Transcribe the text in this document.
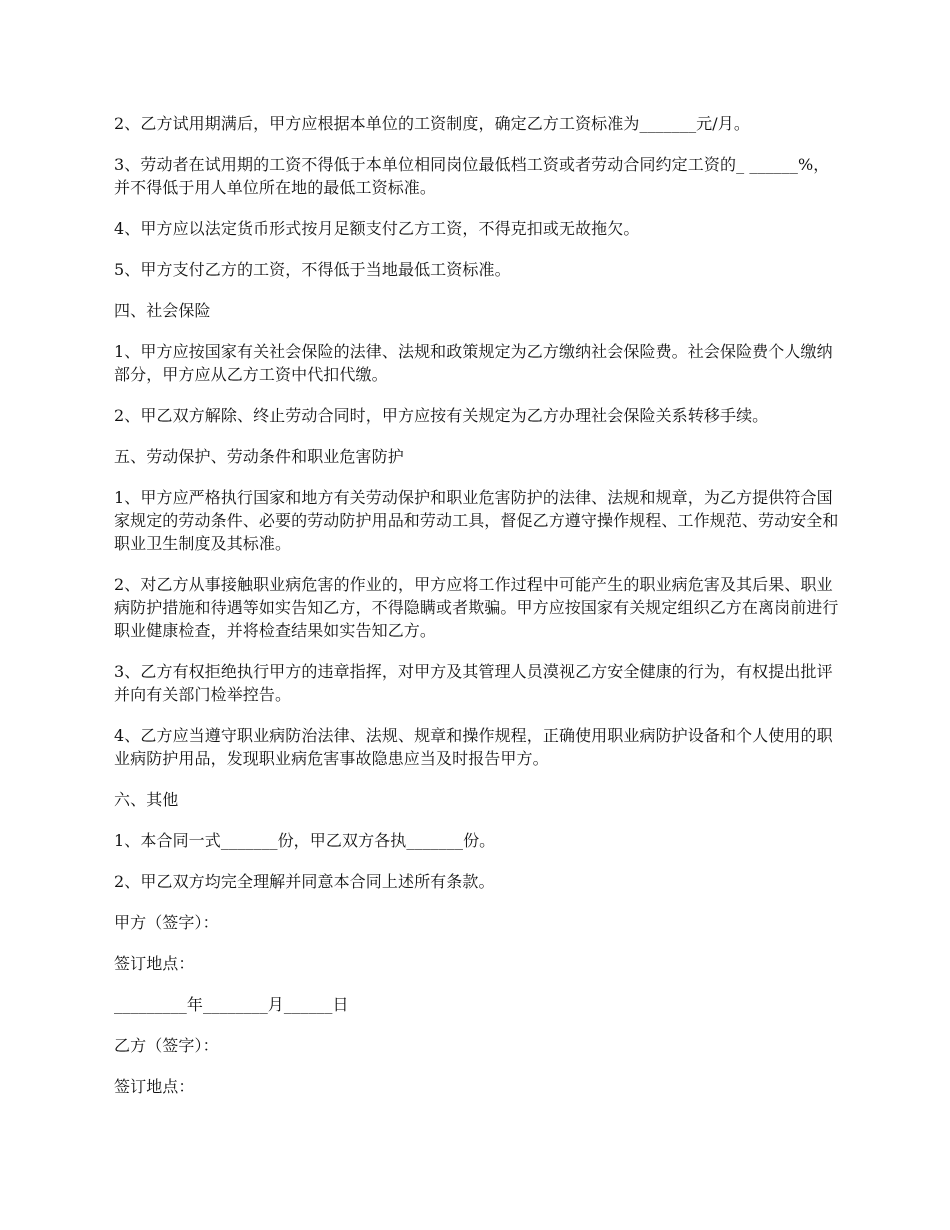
2、乙方试用期满后，甲方应根据本单位的工资制度，确定乙方工资标准为_______元/月。

3、劳动者在试用期的工资不得低于本单位相同岗位最低档工资或者劳动合同约定工资的_ ______%，并不得低于用人单位所在地的最低工资标准。

4、甲方应以法定货币形式按月足额支付乙方工资，不得克扣或无故拖欠。

5、甲方支付乙方的工资，不得低于当地最低工资标准。

四、社会保险

1、甲方应按国家有关社会保险的法律、法规和政策规定为乙方缴纳社会保险费。社会保险费个人缴纳部分，甲方应从乙方工资中代扣代缴。

2、甲乙双方解除、终止劳动合同时，甲方应按有关规定为乙方办理社会保险关系转移手续。

五、劳动保护、劳动条件和职业危害防护

1、甲方应严格执行国家和地方有关劳动保护和职业危害防护的法律、法规和规章，为乙方提供符合国家规定的劳动条件、必要的劳动防护用品和劳动工具，督促乙方遵守操作规程、工作规范、劳动安全和职业卫生制度及其标准。

2、对乙方从事接触职业病危害的作业的，甲方应将工作过程中可能产生的职业病危害及其后果、职业病防护措施和待遇等如实告知乙方，不得隐瞒或者欺骗。甲方应按国家有关规定组织乙方在离岗前进行职业健康检查，并将检查结果如实告知乙方。

3、乙方有权拒绝执行甲方的违章指挥，对甲方及其管理人员漠视乙方安全健康的行为，有权提出批评并向有关部门检举控告。

4、乙方应当遵守职业病防治法律、法规、规章和操作规程，正确使用职业病防护设备和个人使用的职业病防护用品，发现职业病危害事故隐患应当及时报告甲方。

六、其他

1、本合同一式_______份，甲乙双方各执_______份。

2、甲乙双方均完全理解并同意本合同上述所有条款。

甲方（签字）：

签订地点：

_________年________月______日

乙方（签字）：

签订地点：
